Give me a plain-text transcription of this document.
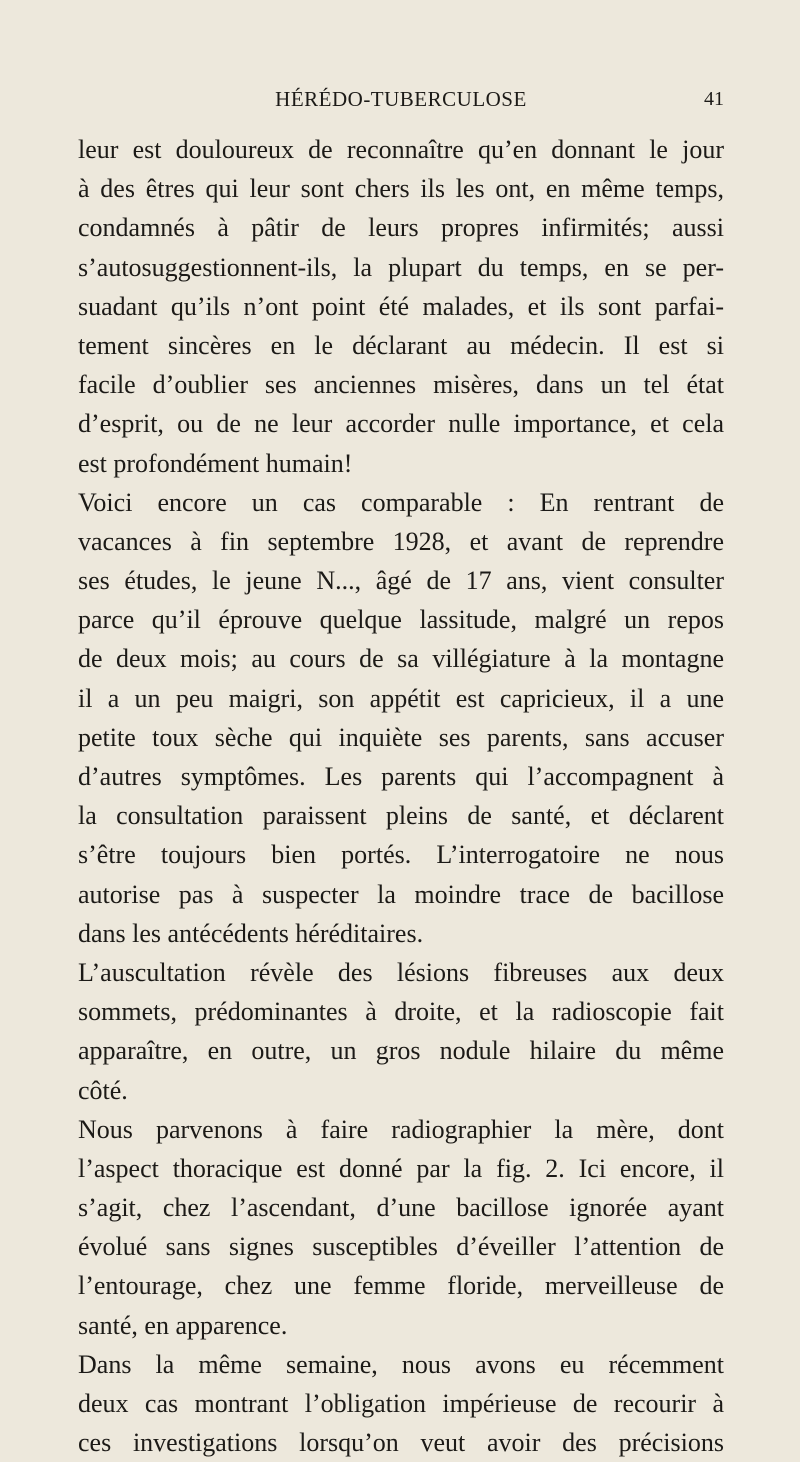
HÉRÉDO-TUBERCULOSE	41
leur est douloureux de reconnaître qu’en donnant le jour
à des êtres qui leur sont chers ils les ont, en même temps,
condamnés à pâtir de leurs propres infirmités; aussi
s’autosuggestionnent-ils, la plupart du temps, en se per-
suadant qu’ils n’ont point été malades, et ils sont parfai-
tement sincères en le déclarant au médecin. Il est si
facile d’oublier ses anciennes misères, dans un tel état
d’esprit, ou de ne leur accorder nulle importance, et cela
est profondément humain!
Voici encore un cas comparable : En rentrant de
vacances à fin septembre 1928, et avant de reprendre
ses études, le jeune N..., âgé de 17 ans, vient consulter
parce qu’il éprouve quelque lassitude, malgré un repos
de deux mois; au cours de sa villégiature à la montagne
il a un peu maigri, son appétit est capricieux, il a une
petite toux sèche qui inquiète ses parents, sans accuser
d’autres symptômes. Les parents qui l’accompagnent à
la consultation paraissent pleins de santé, et déclarent
s’être toujours bien portés. L’interrogatoire ne nous
autorise pas à suspecter la moindre trace de bacillose
dans les antécédents héréditaires.
L’auscultation révèle des lésions fibreuses aux deux
sommets, prédominantes à droite, et la radioscopie fait
apparaître, en outre, un gros nodule hilaire du même
côté.
Nous parvenons à faire radiographier la mère, dont
l’aspect thoracique est donné par la fig. 2. Ici encore, il
s’agit, chez l’ascendant, d’une bacillose ignorée ayant
évolué sans signes susceptibles d’éveiller l’attention de
l’entourage, chez une femme floride, merveilleuse de
santé, en apparence.
Dans la même semaine, nous avons eu récemment
deux cas montrant l’obligation impérieuse de recourir à
ces investigations lorsqu’on veut avoir des précisions
